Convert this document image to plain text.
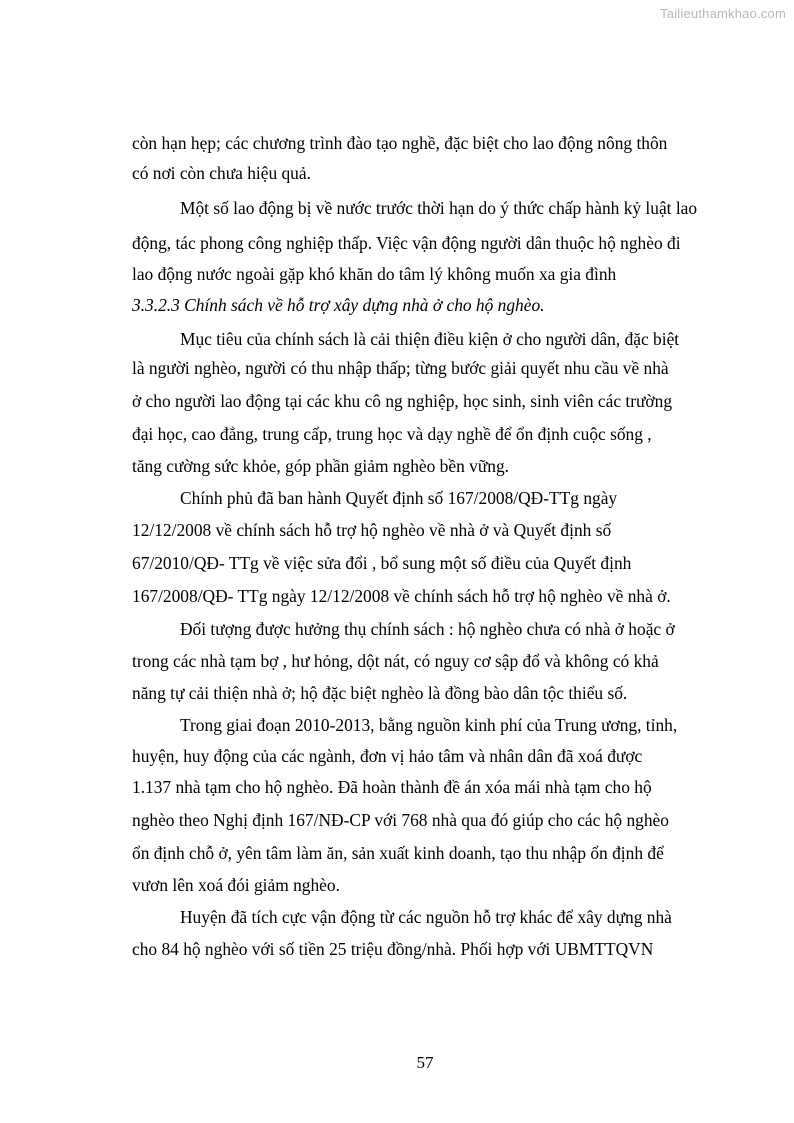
Tailieuthamkhao.com
còn hạn hẹp; các chương trình đào tạo nghề, đặc biệt cho lao động nông thôn
có nơi còn chưa hiệu quả.
Một số lao động bị về nước trước thời hạn do ý thức chấp hành kỷ luật lao
động, tác phong công nghiệp thấp. Việc vận động người dân thuộc hộ nghèo đi
lao động nước ngoài gặp khó khăn do tâm lý không muốn xa gia đình
3.3.2.3 Chính sách về hỗ trợ xây dựng nhà ở cho hộ nghèo.
Mục tiêu của chính sách là cải thiện điều kiện ở cho người dân, đặc biệt
là người nghèo, người có thu nhập thấp; từng bước giải quyết nhu cầu về nhà
ở cho người lao động tại các khu cô ng nghiệp, học sinh, sinh viên các trường
đại học, cao đẳng, trung cấp, trung học và dạy nghề để ổn định cuộc sống ,
tăng cường sức khỏe, góp phần giảm nghèo bền vững.
Chính phủ đã ban hành Quyết định số 167/2008/QĐ-TTg ngày
12/12/2008 về chính sách hỗ trợ hộ nghèo về nhà ở và Quyết định số
67/2010/QĐ- TTg về việc sửa đổi , bổ sung một số điều của Quyết định
167/2008/QĐ- TTg ngày 12/12/2008 về chính sách hỗ trợ hộ nghèo về nhà ở.
Đối tượng được hưởng thụ chính sách : hộ nghèo chưa có nhà ở hoặc ở
trong các nhà tạm bợ , hư hỏng, dột nát, có nguy cơ sập đổ và không có khả
năng tự cải thiện nhà ở; hộ đặc biệt nghèo là đồng bào dân tộc thiểu số.
Trong giai đoạn 2010-2013, bằng nguồn kinh phí của Trung ương, tỉnh,
huyện, huy động của các ngành, đơn vị hảo tâm và nhân dân đã xoá được
1.137 nhà tạm cho hộ nghèo. Đã hoàn thành đề án xóa mái nhà tạm cho hộ
nghèo theo Nghị định 167/NĐ-CP với 768 nhà qua đó giúp cho các hộ nghèo
ổn định chỗ ở, yên tâm làm ăn, sản xuất kinh doanh, tạo thu nhập ổn định để
vươn lên xoá đói giảm nghèo.
Huyện đã tích cực vận động từ các nguồn hỗ trợ khác để xây dựng nhà
cho 84 hộ nghèo với số tiền 25 triệu đồng/nhà. Phối hợp với UBMTTQVN
57
